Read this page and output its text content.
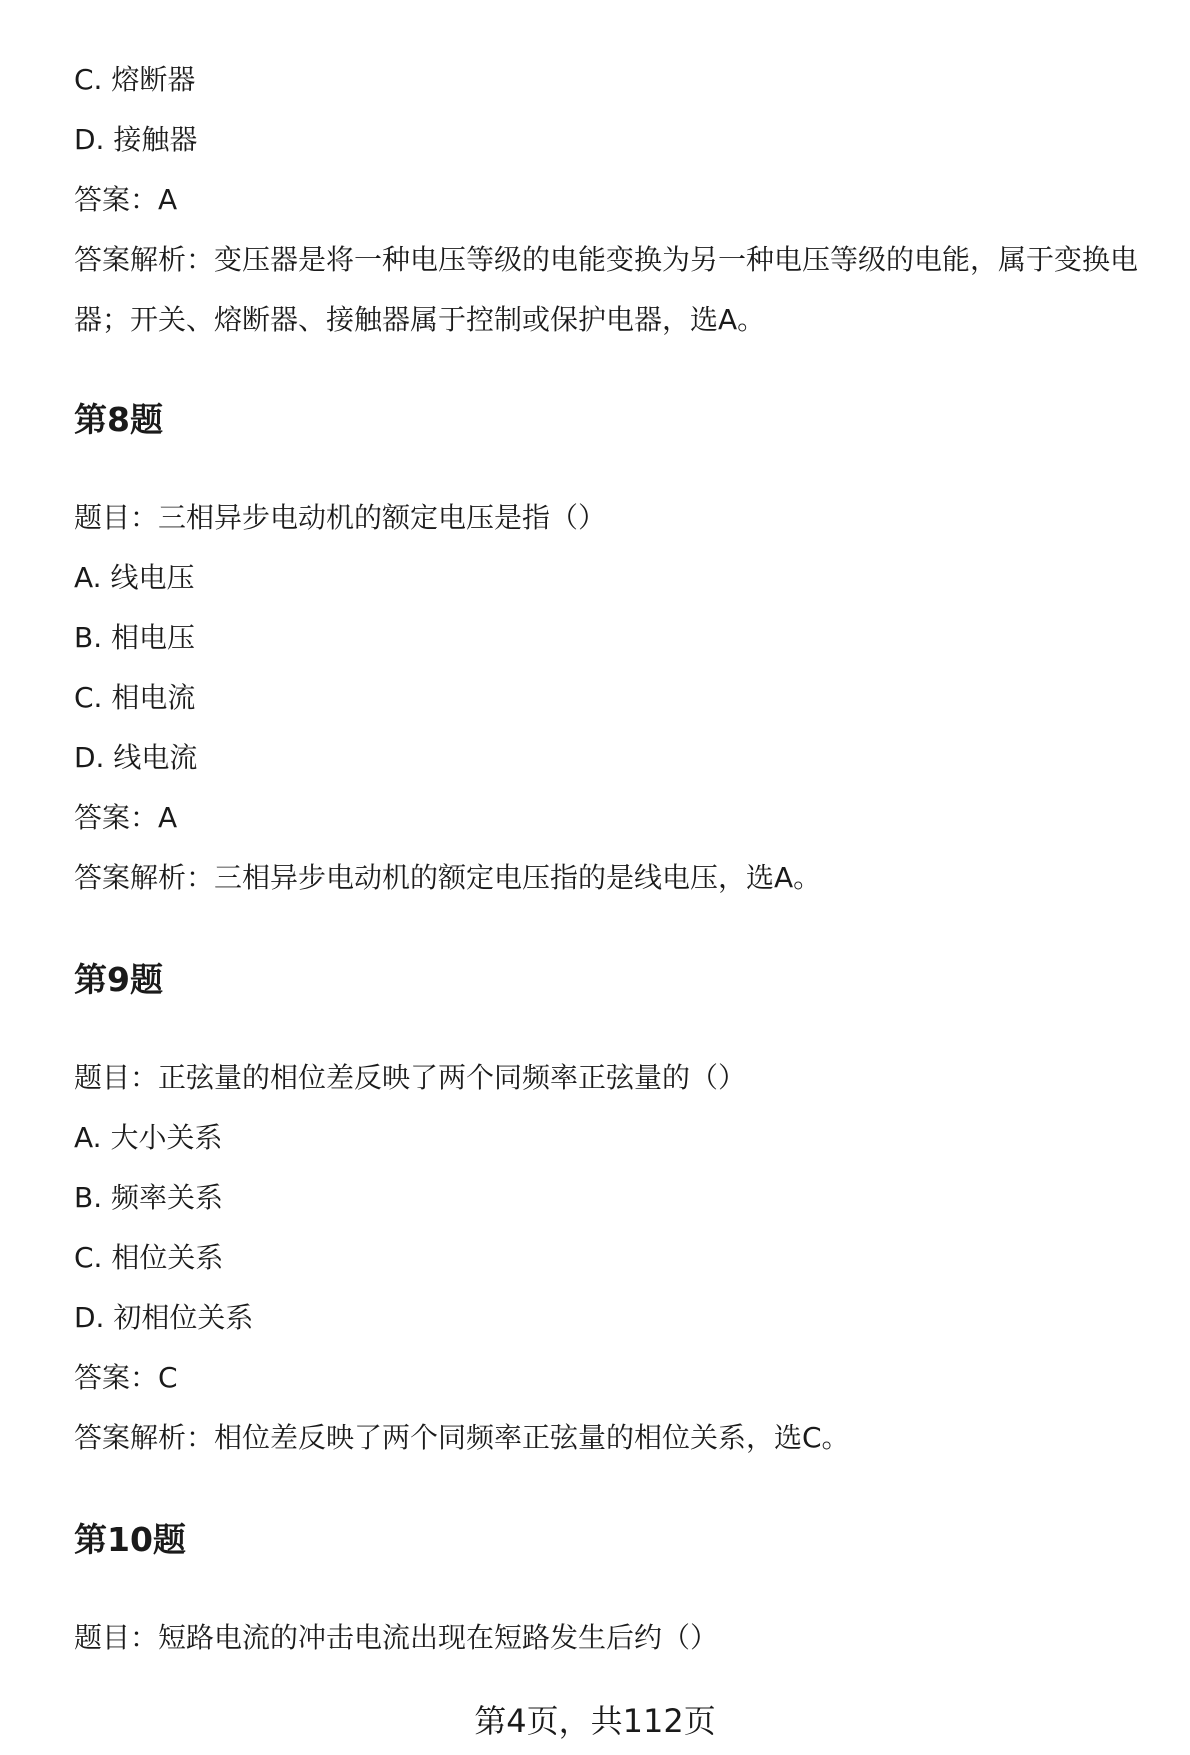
C. 熔断器
D. 接触器
答案：A
答案解析：变压器是将一种电压等级的电能变换为另一种电压等级的电能，属于变换电器；开关、熔断器、接触器属于控制或保护电器，选A。
第8题
题目：三相异步电动机的额定电压是指（）
A. 线电压
B. 相电压
C. 相电流
D. 线电流
答案：A
答案解析：三相异步电动机的额定电压指的是线电压，选A。
第9题
题目：正弦量的相位差反映了两个同频率正弦量的（）
A. 大小关系
B. 频率关系
C. 相位关系
D. 初相位关系
答案：C
答案解析：相位差反映了两个同频率正弦量的相位关系，选C。
第10题
题目：短路电流的冲击电流出现在短路发生后约（）
第4页，共112页
